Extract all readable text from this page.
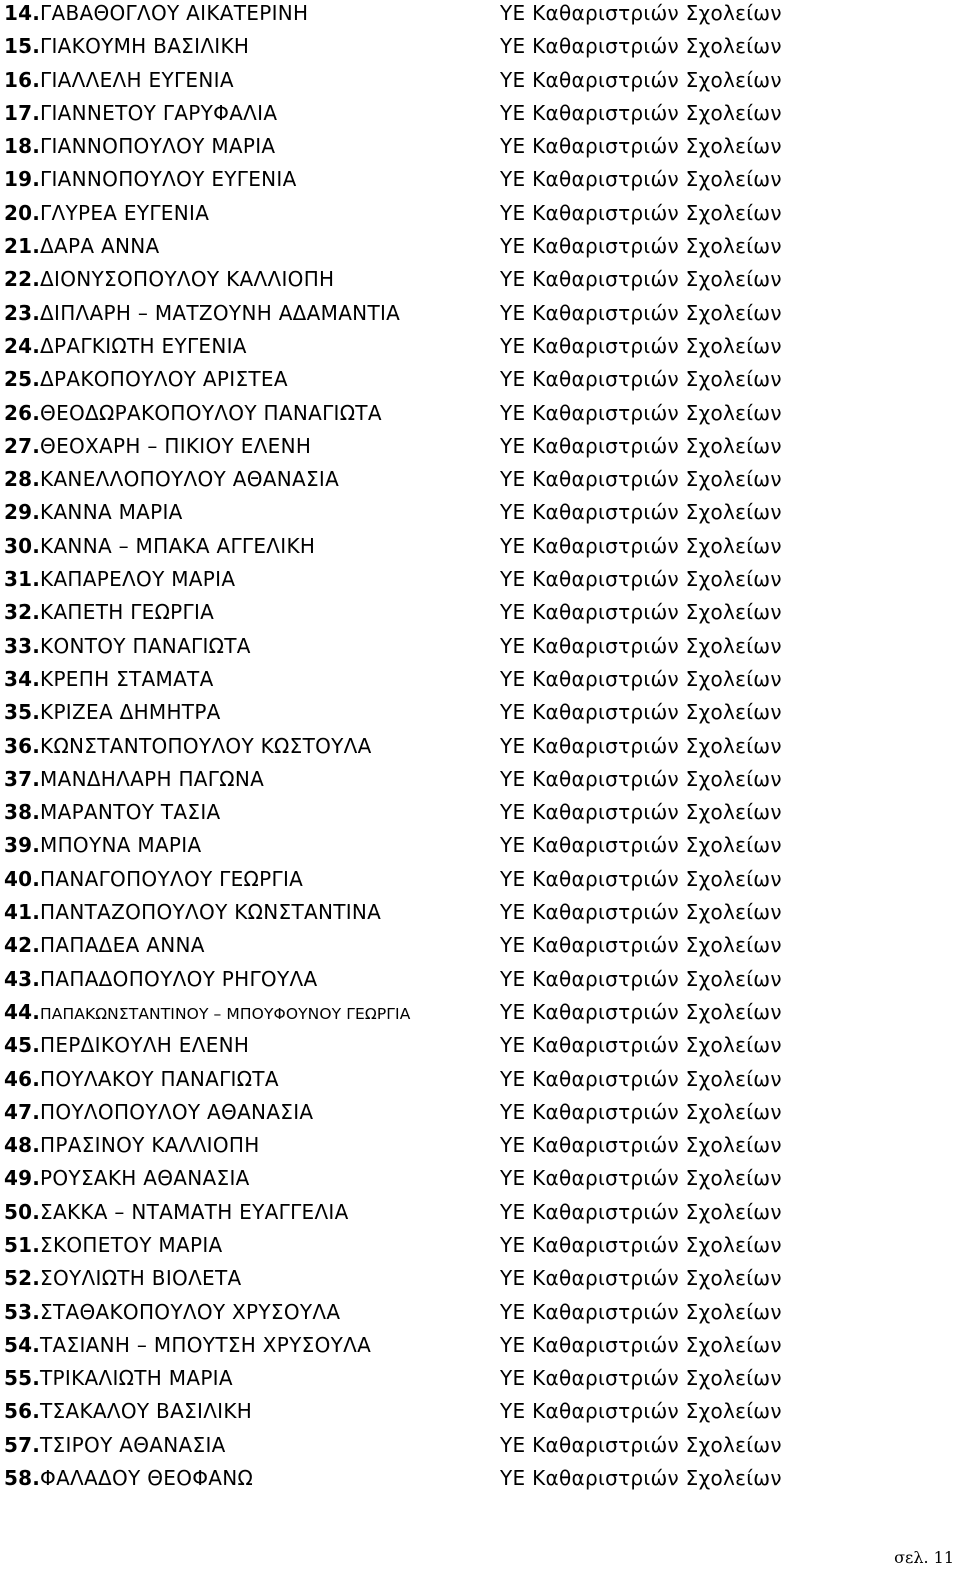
14.ΓΑΒΑΘΟΓΛΟΥ ΑΙΚΑΤΕΡΙΝΗ	ΥΕ Καθαριστριών Σχολείων
15.ΓΙΑΚΟΥΜΗ ΒΑΣΙΛΙΚΗ	ΥΕ Καθαριστριών Σχολείων
16.ΓΙΑΛΛΕΛΗ ΕΥΓΕΝΙΑ	ΥΕ Καθαριστριών Σχολείων
17.ΓΙΑΝΝΕΤΟΥ ΓΑΡΥΦΑΛΙΑ	ΥΕ Καθαριστριών Σχολείων
18.ΓΙΑΝΝΟΠΟΥΛΟΥ ΜΑΡΙΑ	ΥΕ Καθαριστριών Σχολείων
19.ΓΙΑΝΝΟΠΟΥΛΟΥ ΕΥΓΕΝΙΑ	ΥΕ Καθαριστριών Σχολείων
20.ΓΛΥΡΕΑ ΕΥΓΕΝΙΑ	ΥΕ Καθαριστριών Σχολείων
21.ΔΑΡΑ ΑΝΝΑ	ΥΕ Καθαριστριών Σχολείων
22.ΔΙΟΝΥΣΟΠΟΥΛΟΥ ΚΑΛΛΙΟΠΗ	ΥΕ Καθαριστριών Σχολείων
23.ΔΙΠΛΑΡΗ – ΜΑΤΖΟΥΝΗ ΑΔΑΜΑΝΤΙΑ	ΥΕ Καθαριστριών Σχολείων
24.ΔΡΑΓΚΙΩΤΗ ΕΥΓΕΝΙΑ	ΥΕ Καθαριστριών Σχολείων
25.ΔΡΑΚΟΠΟΥΛΟΥ ΑΡΙΣΤΕΑ	ΥΕ Καθαριστριών Σχολείων
26.ΘΕΟΔΩΡΑΚΟΠΟΥΛΟΥ ΠΑΝΑΓΙΩΤΑ	ΥΕ Καθαριστριών Σχολείων
27.ΘΕΟΧΑΡΗ – ΠΙΚΙΟΥ ΕΛΕΝΗ	ΥΕ Καθαριστριών Σχολείων
28.ΚΑΝΕΛΛΟΠΟΥΛΟΥ ΑΘΑΝΑΣΙΑ	ΥΕ Καθαριστριών Σχολείων
29.ΚΑΝΝΑ ΜΑΡΙΑ	ΥΕ Καθαριστριών Σχολείων
30.ΚΑΝΝΑ – ΜΠΑΚΑ ΑΓΓΕΛΙΚΗ	ΥΕ Καθαριστριών Σχολείων
31.ΚΑΠΑΡΕΛΟΥ ΜΑΡΙΑ	ΥΕ Καθαριστριών Σχολείων
32.ΚΑΠΕΤΗ ΓΕΩΡΓΙΑ	ΥΕ Καθαριστριών Σχολείων
33.ΚΟΝΤΟΥ ΠΑΝΑΓΙΩΤΑ	ΥΕ Καθαριστριών Σχολείων
34.ΚΡΕΠΗ ΣΤΑΜΑΤΑ	ΥΕ Καθαριστριών Σχολείων
35.ΚΡΙΖΕΑ ΔΗΜΗΤΡΑ	ΥΕ Καθαριστριών Σχολείων
36.ΚΩΝΣΤΑΝΤΟΠΟΥΛΟΥ ΚΩΣΤΟΥΛΑ	ΥΕ Καθαριστριών Σχολείων
37.ΜΑΝΔΗΛΑΡΗ ΠΑΓΩΝΑ	ΥΕ Καθαριστριών Σχολείων
38.ΜΑΡΑΝΤΟΥ ΤΑΣΙΑ	ΥΕ Καθαριστριών Σχολείων
39.ΜΠΟΥΝΑ ΜΑΡΙΑ	ΥΕ Καθαριστριών Σχολείων
40.ΠΑΝΑΓΟΠΟΥΛΟΥ ΓΕΩΡΓΙΑ	ΥΕ Καθαριστριών Σχολείων
41.ΠΑΝΤΑΖΟΠΟΥΛΟΥ ΚΩΝΣΤΑΝΤΙΝΑ	ΥΕ Καθαριστριών Σχολείων
42.ΠΑΠΑΔΕΑ ΑΝΝΑ	ΥΕ Καθαριστριών Σχολείων
43.ΠΑΠΑΔΟΠΟΥΛΟΥ ΡΗΓΟΥΛΑ	ΥΕ Καθαριστριών Σχολείων
44.ΠΑΠΑΚΩΝΣΤΑΝΤΙΝΟΥ – ΜΠΟΥΦΟΥΝΟΥ ΓΕΩΡΓΙΑ	ΥΕ Καθαριστριών Σχολείων
45.ΠΕΡΔΙΚΟΥΛΗ ΕΛΕΝΗ	ΥΕ Καθαριστριών Σχολείων
46.ΠΟΥΛΑΚΟΥ ΠΑΝΑΓΙΩΤΑ	ΥΕ Καθαριστριών Σχολείων
47.ΠΟΥΛΟΠΟΥΛΟΥ ΑΘΑΝΑΣΙΑ	ΥΕ Καθαριστριών Σχολείων
48.ΠΡΑΣΙΝΟΥ ΚΑΛΛΙΟΠΗ	ΥΕ Καθαριστριών Σχολείων
49.ΡΟΥΣΑΚΗ ΑΘΑΝΑΣΙΑ	ΥΕ Καθαριστριών Σχολείων
50.ΣΑΚΚΑ – ΝΤΑΜΑΤΗ ΕΥΑΓΓΕΛΙΑ	ΥΕ Καθαριστριών Σχολείων
51.ΣΚΟΠΕΤΟΥ ΜΑΡΙΑ	ΥΕ Καθαριστριών Σχολείων
52.ΣΟΥΛΙΩΤΗ ΒΙΟΛΕΤΑ	ΥΕ Καθαριστριών Σχολείων
53.ΣΤΑΘΑΚΟΠΟΥΛΟΥ ΧΡΥΣΟΥΛΑ	ΥΕ Καθαριστριών Σχολείων
54.ΤΑΣΙΑΝΗ – ΜΠΟΥΤΣΗ ΧΡΥΣΟΥΛΑ	ΥΕ Καθαριστριών Σχολείων
55.ΤΡΙΚΑΛΙΩΤΗ ΜΑΡΙΑ	ΥΕ Καθαριστριών Σχολείων
56.ΤΣΑΚΑΛΟΥ ΒΑΣΙΛΙΚΗ	ΥΕ Καθαριστριών Σχολείων
57.ΤΣΙΡΟΥ ΑΘΑΝΑΣΙΑ	ΥΕ Καθαριστριών Σχολείων
58.ΦΑΛΑΔΟΥ ΘΕΟΦΑΝΩ	ΥΕ Καθαριστριών Σχολείων
σελ. 11
